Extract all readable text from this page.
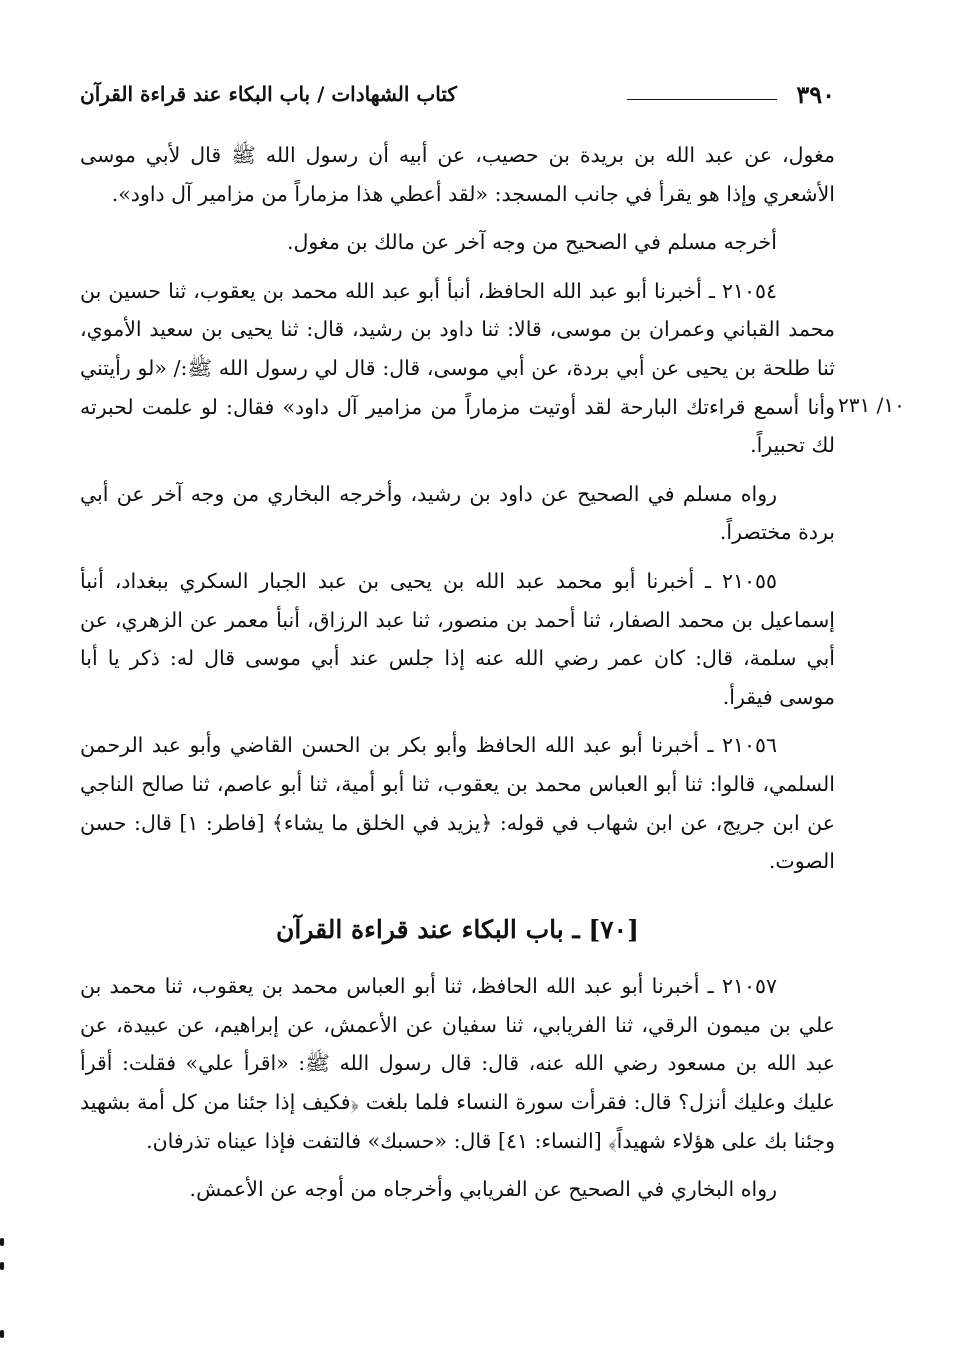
٣٩٠
كتاب الشهادات / باب البكاء عند قراءة القرآن
١٠/ ٢٣١

مغول، عن عبد الله بن بريدة بن حصيب، عن أبيه أن رسول الله ﷺ قال لأبي موسى الأشعري وإذا هو يقرأ في جانب المسجد: «لقد أعطي هذا مزماراً من مزامير آل داود».

أخرجه مسلم في الصحيح من وجه آخر عن مالك بن مغول.

٢١٠٥٤ ـ أخبرنا أبو عبد الله الحافظ، أنبأ أبو عبد الله محمد بن يعقوب، ثنا حسين بن محمد القباني وعمران بن موسى، قالا: ثنا داود بن رشيد، قال: ثنا يحيى بن سعيد الأموي، ثنا طلحة بن يحيى عن أبي بردة، عن أبي موسى، قال: قال لي رسول الله ﷺ:/ «لو رأيتني وأنا أسمع قراءتك البارحة لقد أوتيت مزماراً من مزامير آل داود» فقال: لو علمت لحبرته لك تحبيراً.

رواه مسلم في الصحيح عن داود بن رشيد، وأخرجه البخاري من وجه آخر عن أبي بردة مختصراً.

٢١٠٥٥ ـ أخبرنا أبو محمد عبد الله بن يحيى بن عبد الجبار السكري ببغداد، أنبأ إسماعيل بن محمد الصفار، ثنا أحمد بن منصور، ثنا عبد الرزاق، أنبأ معمر عن الزهري، عن أبي سلمة، قال: كان عمر رضي الله عنه إذا جلس عند أبي موسى قال له: ذكر يا أبا موسى فيقرأ.

٢١٠٥٦ ـ أخبرنا أبو عبد الله الحافظ وأبو بكر بن الحسن القاضي وأبو عبد الرحمن السلمي، قالوا: ثنا أبو العباس محمد بن يعقوب، ثنا أبو أمية، ثنا أبو عاصم، ثنا صالح الناجي عن ابن جريج، عن ابن شهاب في قوله: ﴿يزيد في الخلق ما يشاء﴾ [فاطر: ١] قال: حسن الصوت.

[٧٠] ـ باب البكاء عند قراءة القرآن

٢١٠٥٧ ـ أخبرنا أبو عبد الله الحافظ، ثنا أبو العباس محمد بن يعقوب، ثنا محمد بن علي بن ميمون الرقي، ثنا الفريابي، ثنا سفيان عن الأعمش، عن إبراهيم، عن عبيدة، عن عبد الله بن مسعود رضي الله عنه، قال: قال رسول الله ﷺ: «اقرأ علي» فقلت: أقرأ عليك وعليك أنزل؟ قال: فقرأت سورة النساء فلما بلغت ﴿فكيف إذا جئنا من كل أمة بشهيد وجئنا بك على هؤلاء شهيداً﴾ [النساء: ٤١] قال: «حسبك» فالتفت فإذا عيناه تذرفان.

رواه البخاري في الصحيح عن الفريابي وأخرجاه من أوجه عن الأعمش.
